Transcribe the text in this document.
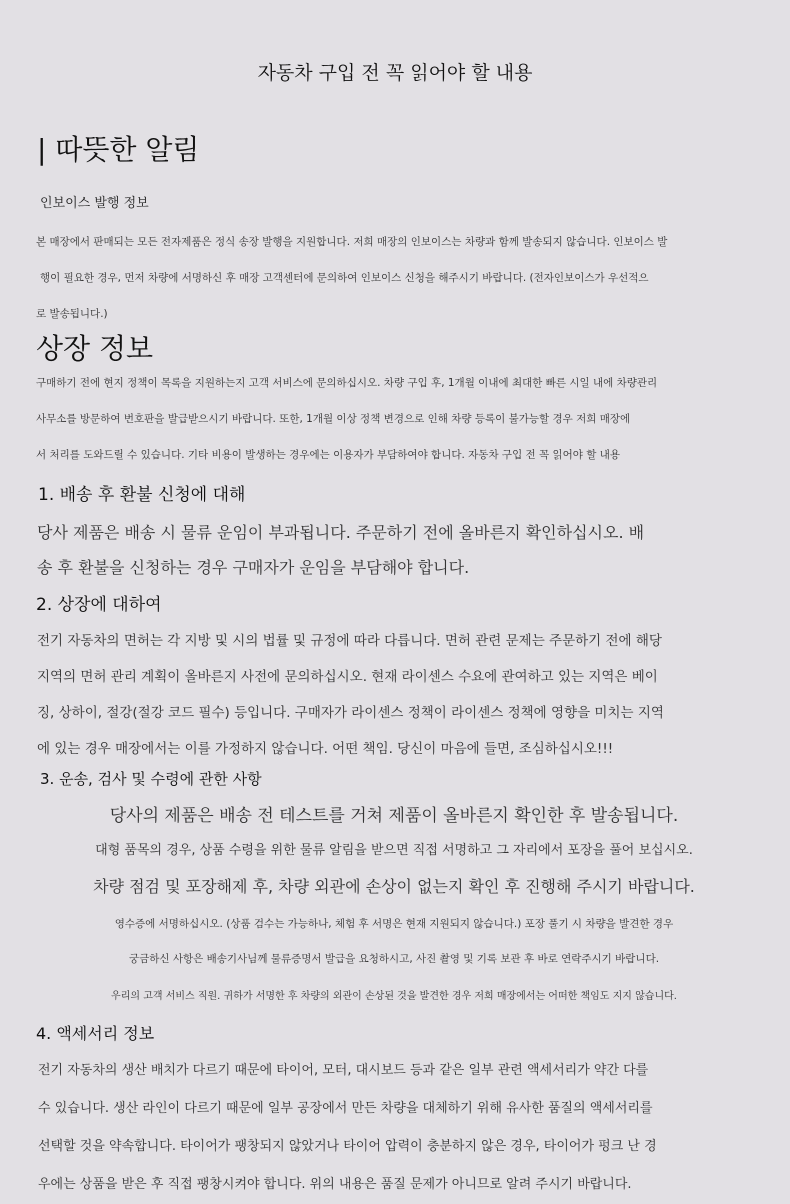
자동차 구입 전 꼭 읽어야 할 내용
| 따뜻한 알림
인보이스 발행 정보

본 매장에서 판매되는 모든 전자제품은 정식 송장 발행을 지원합니다. 저희 매장의 인보이스는 차량과 함께 발송되지 않습니다. 인보이스 발
행이 필요한 경우, 먼저 차량에 서명하신 후 매장 고객센터에 문의하여 인보이스 신청을 해주시기 바랍니다. (전자인보이스가 우선적으
로 발송됩니다.)

상장 정보

구매하기 전에 현지 정책이 목록을 지원하는지 고객 서비스에 문의하십시오. 차량 구입 후, 1개월 이내에 최대한 빠른 시일 내에 차량관리
사무소를 방문하여 번호판을 발급받으시기 바랍니다. 또한, 1개월 이상 정책 변경으로 인해 차량 등록이 불가능할 경우 저희 매장에
서 처리를 도와드릴 수 있습니다. 기타 비용이 발생하는 경우에는 이용자가 부담하여야 합니다. 자동차 구입 전 꼭 읽어야 할 내용

1. 배송 후 환불 신청에 대해

당사 제품은 배송 시 물류 운임이 부과됩니다. 주문하기 전에 올바른지 확인하십시오. 배
송 후 환불을 신청하는 경우 구매자가 운임을 부담해야 합니다.

2. 상장에 대하여

전기 자동차의 면허는 각 지방 및 시의 법률 및 규정에 따라 다릅니다. 면허 관련 문제는 주문하기 전에 해당
지역의 면허 관리 계획이 올바른지 사전에 문의하십시오. 현재 라이센스 수요에 관여하고 있는 지역은 베이
징, 상하이, 절강(절강 코드 필수) 등입니다. 구매자가 라이센스 정책이 라이센스 정책에 영향을 미치는 지역
에 있는 경우 매장에서는 이를 가정하지 않습니다. 어떤 책임. 당신이 마음에 들면, 조심하십시오!!!

3. 운송, 검사 및 수령에 관한 사항

당사의 제품은 배송 전 테스트를 거쳐 제품이 올바른지 확인한 후 발송됩니다.
대형 품목의 경우, 상품 수령을 위한 물류 알림을 받으면 직접 서명하고 그 자리에서 포장을 풀어 보십시오.
차량 점검 및 포장해제 후, 차량 외관에 손상이 없는지 확인 후 진행해 주시기 바랍니다.
영수증에 서명하십시오. (상품 검수는 가능하나, 체험 후 서명은 현재 지원되지 않습니다.) 포장 풀기 시 차량을 발견한 경우
궁금하신 사항은 배송기사님께 물류증명서 발급을 요청하시고, 사진 촬영 및 기록 보관 후 바로 연락주시기 바랍니다.
우리의 고객 서비스 직원. 귀하가 서명한 후 차량의 외관이 손상된 것을 발견한 경우 저희 매장에서는 어떠한 책임도 지지 않습니다.

4. 액세서리 정보

전기 자동차의 생산 배치가 다르기 때문에 타이어, 모터, 대시보드 등과 같은 일부 관련 액세서리가 약간 다를
수 있습니다. 생산 라인이 다르기 때문에 일부 공장에서 만든 차량을 대체하기 위해 유사한 품질의 액세서리를
선택할 것을 약속합니다. 타이어가 팽창되지 않았거나 타이어 압력이 충분하지 않은 경우, 타이어가 펑크 난 경
우에는 상품을 받은 후 직접 팽창시켜야 합니다. 위의 내용은 품질 문제가 아니므로 알려 주시기 바랍니다.
